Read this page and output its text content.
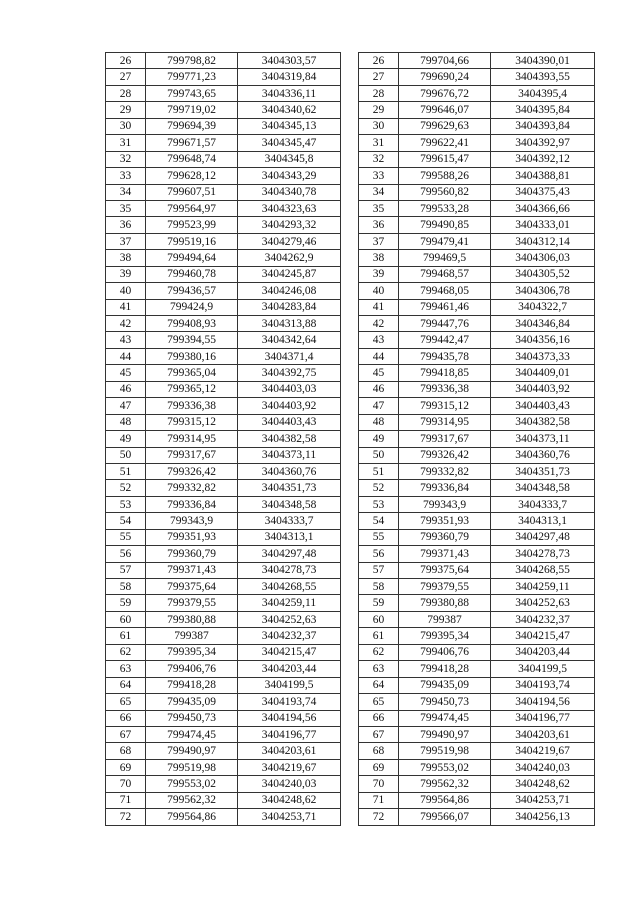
26	799798,82	3404303,57
27	799771,23	3404319,84
28	799743,65	3404336,11
29	799719,02	3404340,62
30	799694,39	3404345,13
31	799671,57	3404345,47
32	799648,74	3404345,8
33	799628,12	3404343,29
34	799607,51	3404340,78
35	799564,97	3404323,63
36	799523,99	3404293,32
37	799519,16	3404279,46
38	799494,64	3404262,9
39	799460,78	3404245,87
40	799436,57	3404246,08
41	799424,9	3404283,84
42	799408,93	3404313,88
43	799394,55	3404342,64
44	799380,16	3404371,4
45	799365,04	3404392,75
46	799365,12	3404403,03
47	799336,38	3404403,92
48	799315,12	3404403,43
49	799314,95	3404382,58
50	799317,67	3404373,11
51	799326,42	3404360,76
52	799332,82	3404351,73
53	799336,84	3404348,58
54	799343,9	3404333,7
55	799351,93	3404313,1
56	799360,79	3404297,48
57	799371,43	3404278,73
58	799375,64	3404268,55
59	799379,55	3404259,11
60	799380,88	3404252,63
61	799387	3404232,37
62	799395,34	3404215,47
63	799406,76	3404203,44
64	799418,28	3404199,5
65	799435,09	3404193,74
66	799450,73	3404194,56
67	799474,45	3404196,77
68	799490,97	3404203,61
69	799519,98	3404219,67
70	799553,02	3404240,03
71	799562,32	3404248,62
72	799564,86	3404253,71
26	799704,66	3404390,01
27	799690,24	3404393,55
28	799676,72	3404395,4
29	799646,07	3404395,84
30	799629,63	3404393,84
31	799622,41	3404392,97
32	799615,47	3404392,12
33	799588,26	3404388,81
34	799560,82	3404375,43
35	799533,28	3404366,66
36	799490,85	3404333,01
37	799479,41	3404312,14
38	799469,5	3404306,03
39	799468,57	3404305,52
40	799468,05	3404306,78
41	799461,46	3404322,7
42	799447,76	3404346,84
43	799442,47	3404356,16
44	799435,78	3404373,33
45	799418,85	3404409,01
46	799336,38	3404403,92
47	799315,12	3404403,43
48	799314,95	3404382,58
49	799317,67	3404373,11
50	799326,42	3404360,76
51	799332,82	3404351,73
52	799336,84	3404348,58
53	799343,9	3404333,7
54	799351,93	3404313,1
55	799360,79	3404297,48
56	799371,43	3404278,73
57	799375,64	3404268,55
58	799379,55	3404259,11
59	799380,88	3404252,63
60	799387	3404232,37
61	799395,34	3404215,47
62	799406,76	3404203,44
63	799418,28	3404199,5
64	799435,09	3404193,74
65	799450,73	3404194,56
66	799474,45	3404196,77
67	799490,97	3404203,61
68	799519,98	3404219,67
69	799553,02	3404240,03
70	799562,32	3404248,62
71	799564,86	3404253,71
72	799566,07	3404256,13
